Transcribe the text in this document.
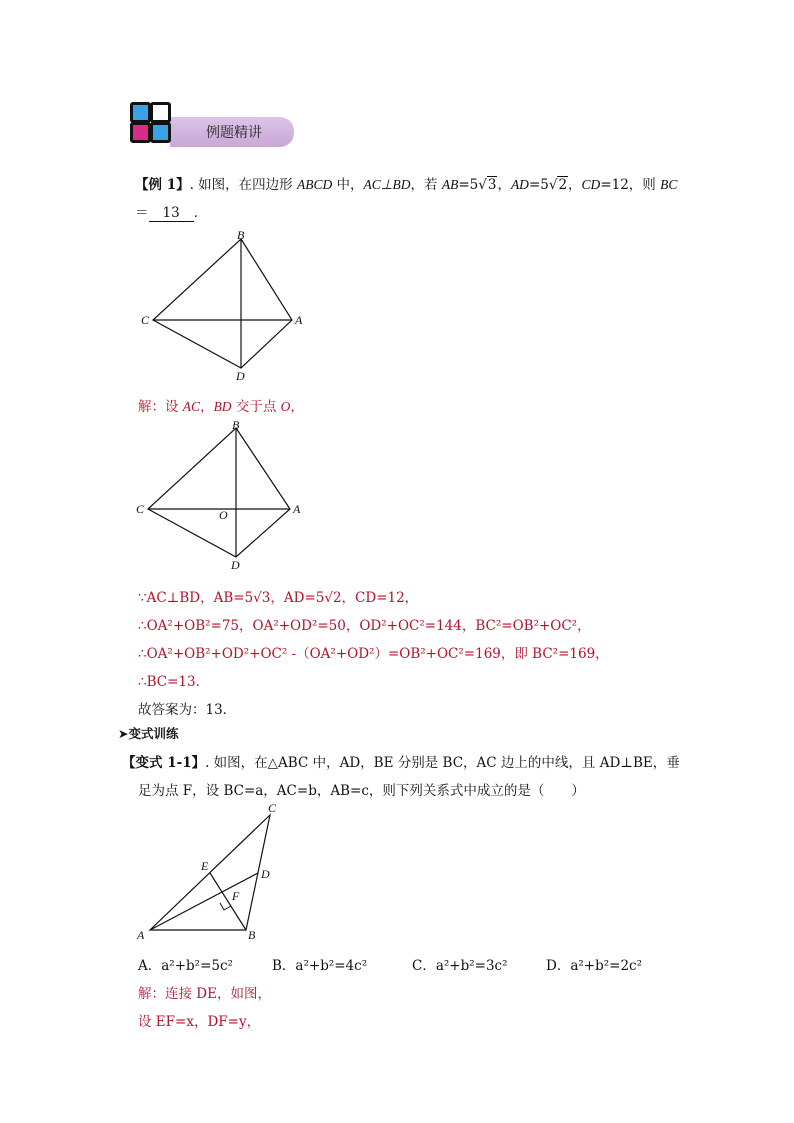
例题精讲
【例 1】. 如图，在四边形 ABCD 中，AC⊥BD，若 AB=5√3，AD=5√2，CD=12，则 BC
＝ 13 ．
B
C	A
D
解：设 AC，BD 交于点 O，
B
C	A
O
D
∵AC⊥BD，AB=5√3，AD=5√2，CD=12，
∴OA²+OB²=75，OA²+OD²=50，OD²+OC²=144，BC²=OB²+OC²，
∴OA²+OB²+OD²+OC² -（OA²+OD²）=OB²+OC²=169，即 BC²=169，
∴BC=13．
故答案为：13．
➤变式训练
【变式 1-1】. 如图，在△ABC 中，AD，BE 分别是 BC，AC 边上的中线，且 AD⊥BE，垂
足为点 F，设 BC=a，AC=b，AB=c，则下列关系式中成立的是（　　）
C
E
D
F
A	B
A．a²+b²=5c²	B．a²+b²=4c²	C．a²+b²=3c²	D．a²+b²=2c²
解：连接 DE，如图，
设 EF=x，DF=y，
